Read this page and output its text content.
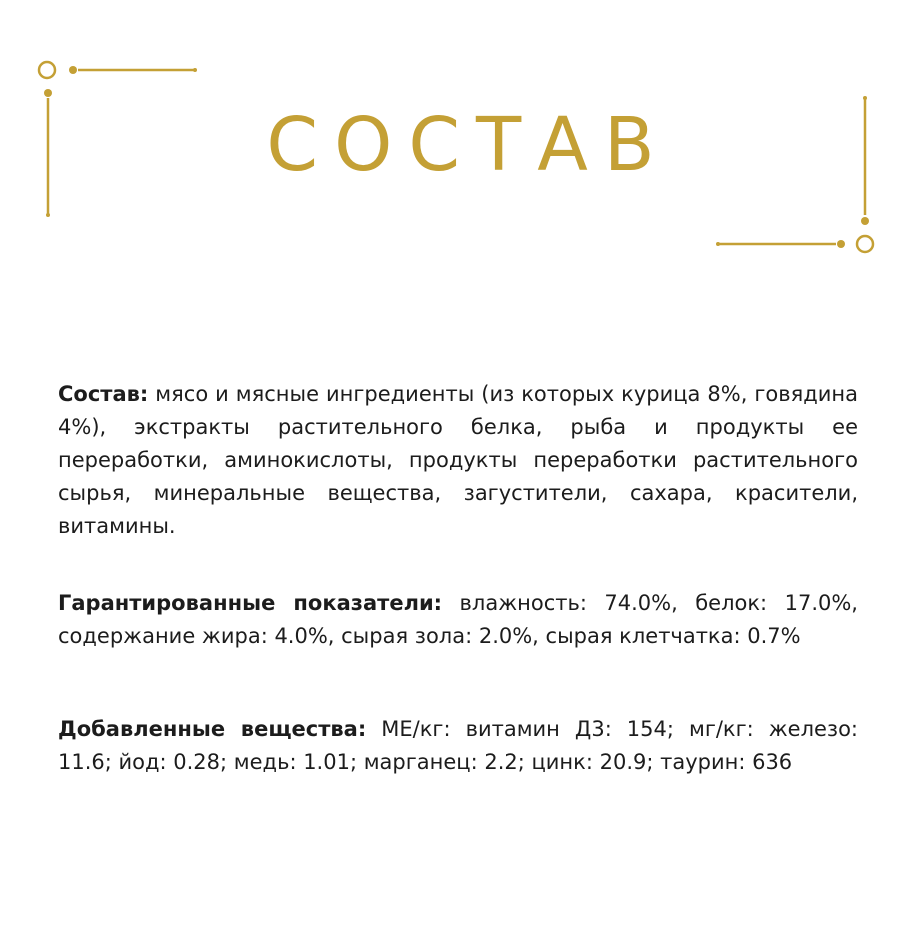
СОСТАВ

Состав: мясо и мясные ингредиенты (из которых курица 8%, говядина 4%), экстракты растительного белка, рыба и продукты ее переработки, аминокислоты, продукты переработки растительного сырья, минеральные вещества, загустители, сахара, красители, витамины.

Гарантированные показатели: влажность: 74.0%, белок: 17.0%, содержание жира: 4.0%, сырая зола: 2.0%, сырая клетчатка: 0.7%

Добавленные вещества: МЕ/кг: витамин Д3: 154; мг/кг: железо: 11.6; йод: 0.28; медь: 1.01; марганец: 2.2; цинк: 20.9; таурин: 636
